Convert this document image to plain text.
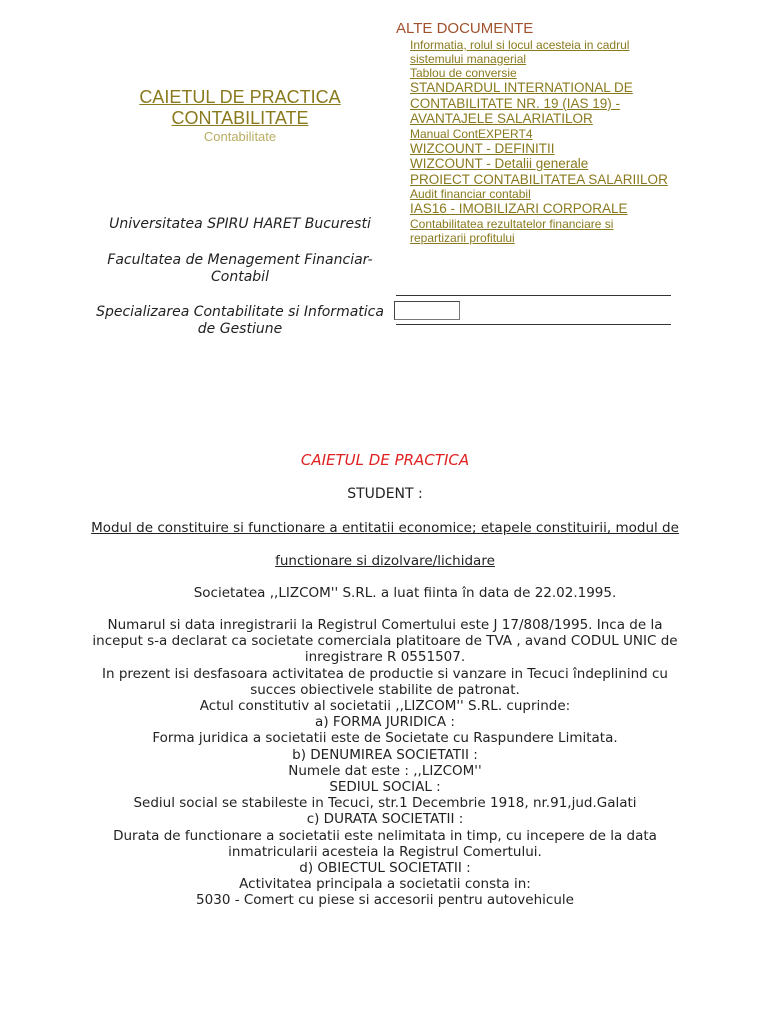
CAIETUL DE PRACTICA CONTABILITATE
Contabilitate
Universitatea SPIRU HARET Bucuresti
Facultatea de Menagement Financiar-Contabil
Specializarea Contabilitate si Informatica de Gestiune
ALTE DOCUMENTE
Informatia, rolul si locul acesteia in cadrul sistemului managerial
Tablou de conversie
STANDARDUL INTERNATIONAL DE CONTABILITATE NR. 19 (IAS 19) - AVANTAJELE SALARIATILOR
Manual ContEXPERT4
WIZCOUNT - DEFINITII
WIZCOUNT - Detalii generale
PROIECT CONTABILITATEA SALARIILOR
Audit financiar contabil
IAS16 - IMOBILIZARI CORPORALE
Contabilitatea rezultatelor financiare si repartizarii profitului

CAIETUL DE PRACTICA

STUDENT :

Modul de constituire si functionare a entitatii economice; etapele constituirii, modul de

functionare si dizolvare/lichidare

Societatea ,,LIZCOM'' S.RL. a luat fiinta în data de 22.02.1995.

Numarul si data inregistrarii la Registrul Comertului este J 17/808/1995. Inca de la inceput s-a declarat ca societate comerciala platitoare de TVA , avand CODUL UNIC de inregistrare R 0551507.

In prezent isi desfasoara activitatea de productie si vanzare in Tecuci îndeplinind cu succes obiectivele stabilite de patronat.

Actul constitutiv al societatii ,,LIZCOM'' S.RL. cuprinde:

a) FORMA JURIDICA :

Forma juridica a societatii este de Societate cu Raspundere Limitata.

b) DENUMIREA SOCIETATII :

Numele dat este : ,,LIZCOM''

SEDIUL SOCIAL :

Sediul social se stabileste in Tecuci, str.1 Decembrie 1918, nr.91,jud.Galati

c) DURATA SOCIETATII :

Durata de functionare a societatii este nelimitata in timp, cu incepere de la data inmatricularii acesteia la Registrul Comertului.

d) OBIECTUL SOCIETATII :

Activitatea principala a societatii consta in:

5030 - Comert cu piese si accesorii pentru autovehicule
